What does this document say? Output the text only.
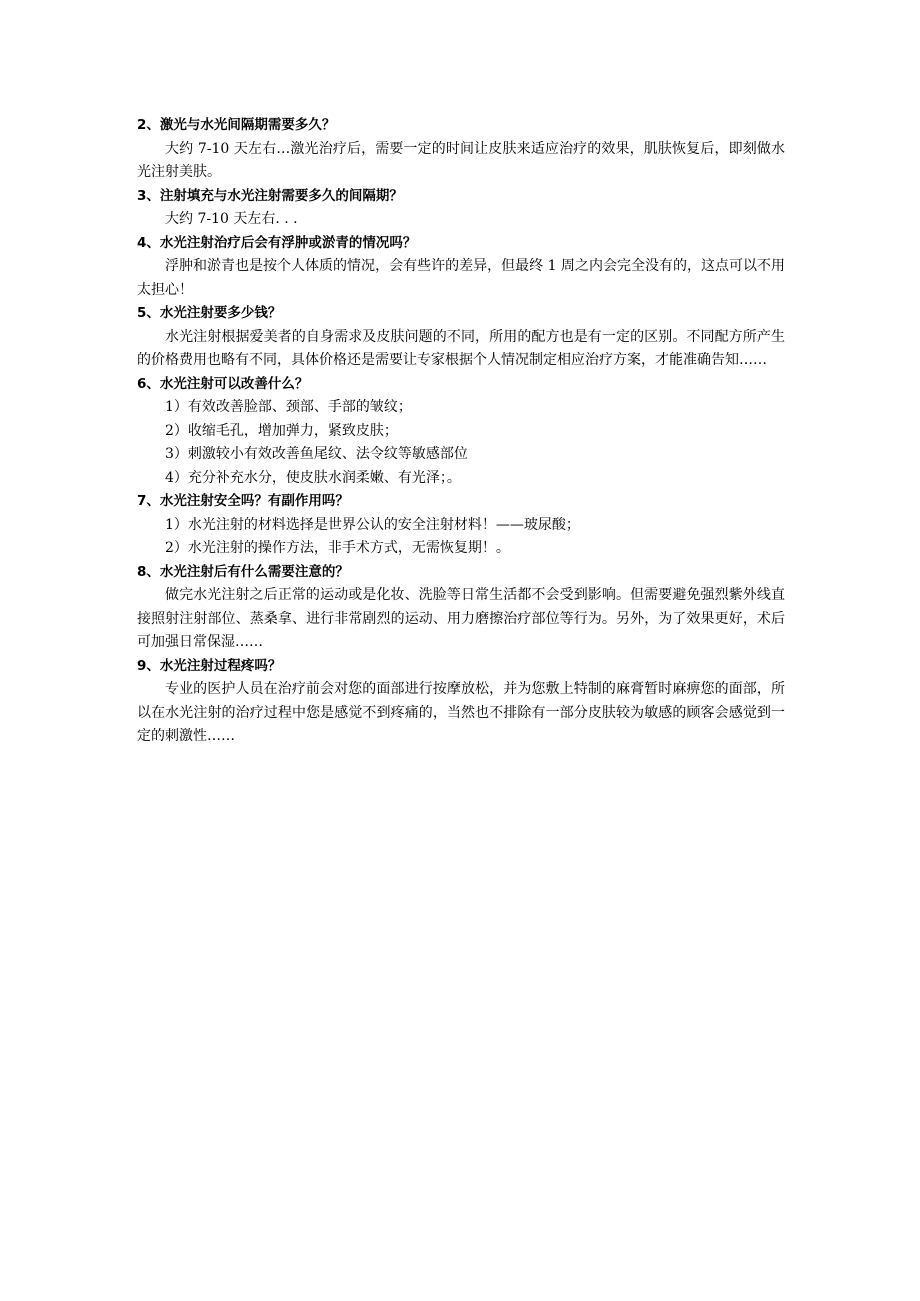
2、激光与水光间隔期需要多久？

大约 7-10 天左右…激光治疗后，需要一定的时间让皮肤来适应治疗的效果，肌肤恢复后，即刻做水光注射美肤。

3、注射填充与水光注射需要多久的间隔期？

大约 7-10 天左右. . .

4、水光注射治疗后会有浮肿或淤青的情况吗？

浮肿和淤青也是按个人体质的情况，会有些许的差异，但最终 1 周之内会完全没有的，这点可以不用太担心！

5、水光注射要多少钱？

水光注射根据爱美者的自身需求及皮肤问题的不同，所用的配方也是有一定的区别。不同配方所产生的价格费用也略有不同，具体价格还是需要让专家根据个人情况制定相应治疗方案，才能准确告知……

6、水光注射可以改善什么？

1）有效改善脸部、颈部、手部的皱纹；

2）收缩毛孔，增加弹力，紧致皮肤；

3）刺激较小有效改善鱼尾纹、法令纹等敏感部位

4）充分补充水分，使皮肤水润柔嫩、有光泽；。

7、水光注射安全吗？有副作用吗？

1）水光注射的材料选择是世界公认的安全注射材料！——玻尿酸；

2）水光注射的操作方法，非手术方式，无需恢复期！。

8、水光注射后有什么需要注意的？

做完水光注射之后正常的运动或是化妆、洗脸等日常生活都不会受到影响。但需要避免强烈紫外线直接照射注射部位、蒸桑拿、进行非常剧烈的运动、用力磨擦治疗部位等行为。另外，为了效果更好，术后可加强日常保湿……

9、水光注射过程疼吗？

专业的医护人员在治疗前会对您的面部进行按摩放松，并为您敷上特制的麻膏暂时麻痹您的面部，所以在水光注射的治疗过程中您是感觉不到疼痛的，当然也不排除有一部分皮肤较为敏感的顾客会感觉到一定的刺激性……
